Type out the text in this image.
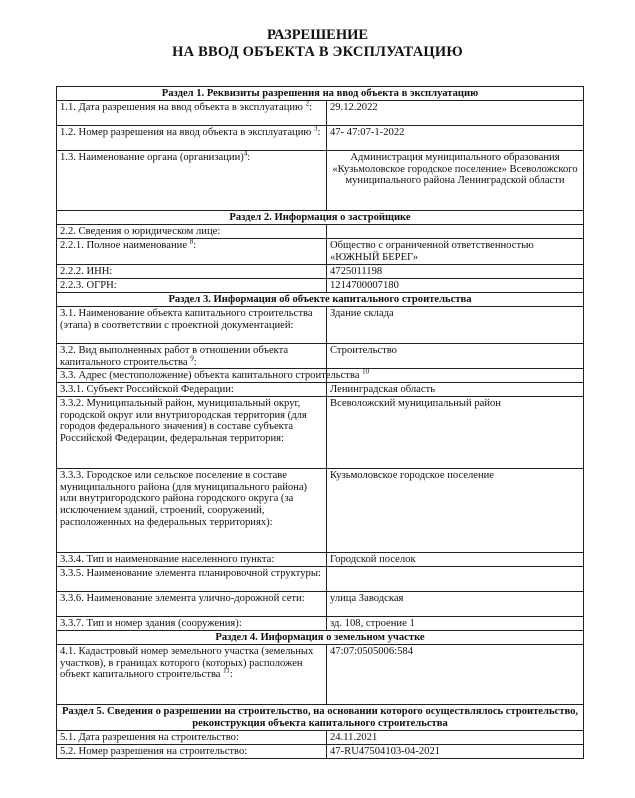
РАЗРЕШЕНИЕ
НА ВВОД ОБЪЕКТА В ЭКСПЛУАТАЦИЮ
Раздел 1. Реквизиты разрешения на ввод объекта в эксплуатацию	
1.1. Дата разрешения на ввод объекта в эксплуатацию $^2$:	29.12.2022
1.2. Номер разрешения на ввод объекта в эксплуатацию $^3$:	47- 47:07-1-2022
1.3. Наименование органа (организации)$^4$:	Администрация муниципального образования «Кузьмоловское городское поселение» Всеволожского муниципального района Ленинградской области
Раздел 2. Информация о застройщике	
2.2. Сведения о юридическом лице:	
2.2.1. Полное наименование $^8$:	Общество с ограниченной ответственностью «ЮЖНЫЙ БЕРЕГ»
2.2.2. ИНН:	4725011198
2.2.3. ОГРН:	1214700007180
Раздел 3. Информация об объекте капитального строительства	
3.1. Наименование объекта капитального строительства (этапа) в соответствии с проектной документацией:	Здание склада
3.2. Вид выполненных работ в отношении объекта капитального строительства $^9$:	Строительство
3.3. Адрес (местоположение) объекта капитального строительства $^{10}$	
3.3.1. Субъект Российской Федерации:	Ленинградская область
3.3.2. Муниципальный район, муниципальный округ, городской округ или внутригородская территория (для городов федерального значения) в составе субъекта Российской Федерации, федеральная территория:	Всеволожский муниципальный район
3.3.3. Городское или сельское поселение в составе муниципального района (для муниципального района) или внутригородского района городского округа (за исключением зданий, строений, сооружений, расположенных на федеральных территориях):	Кузьмоловское городское поселение
3.3.4. Тип и наименование населенного пункта:	Городской поселок
3.3.5. Наименование элемента планировочной структуры:	
3.3.6. Наименование элемента улично-дорожной сети:	улица Заводская
3.3.7. Тип и номер здания (сооружения):	зд. 108, строение 1
Раздел 4. Информация о земельном участке	
4.1. Кадастровый номер земельного участка (земельных участков), в границах которого (которых) расположен объект капитального строительства $^{11}$:	47:07:0505006:584
Раздел 5. Сведения о разрешении на строительство, на основании которого осуществлялось строительство, реконструкция объекта капитального строительства	
5.1. Дата разрешения на строительство:	24.11.2021
5.2. Номер разрешения на строительство:	47-RU47504103-04-2021
